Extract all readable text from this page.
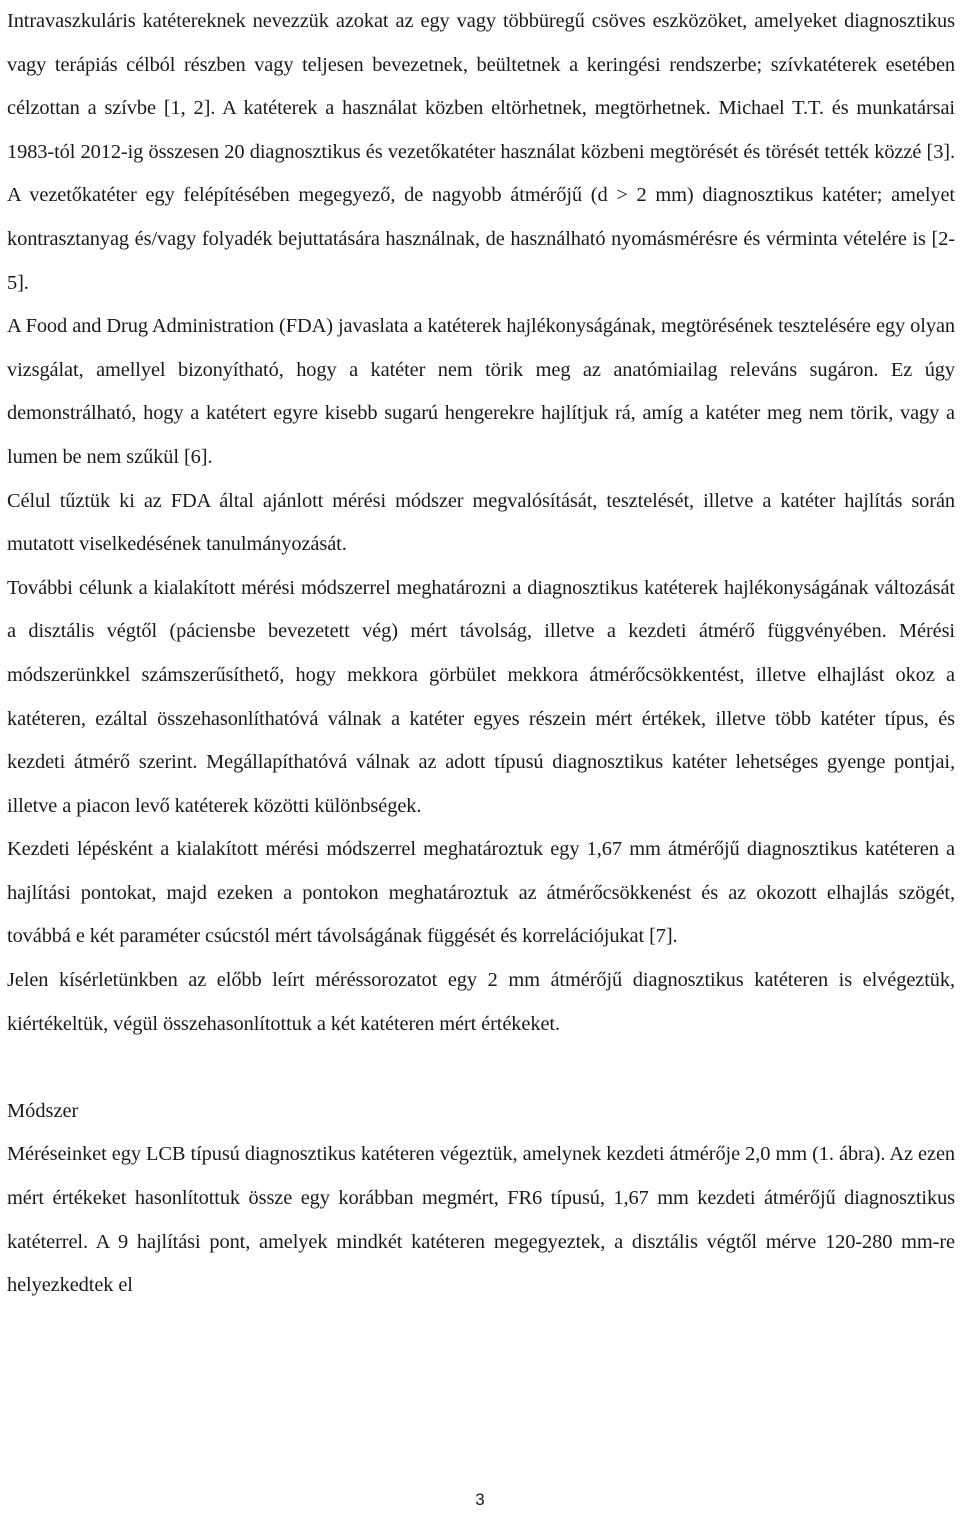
Intravaszkuláris katétereknek nevezzük azokat az egy vagy többüregű csöves eszközöket, amelyeket diagnosztikus vagy terápiás célból részben vagy teljesen bevezetnek, beültetnek a keringési rendszerbe; szívkatéterek esetében célzottan a szívbe [1, 2]. A katéterek a használat közben eltörhetnek, megtörhetnek. Michael T.T. és munkatársai 1983-tól 2012-ig összesen 20 diagnosztikus és vezetőkatéter használat közbeni megtörését és törését tették közzé [3]. A vezetőkatéter egy felépítésében megegyező, de nagyobb átmérőjű (d > 2 mm) diagnosztikus katéter; amelyet kontrasztanyag és/vagy folyadék bejuttatására használnak, de használható nyomásmérésre és vérminta vételére is [2-5].

A Food and Drug Administration (FDA) javaslata a katéterek hajlékonyságának, megtörésének tesztelésére egy olyan vizsgálat, amellyel bizonyítható, hogy a katéter nem törik meg az anatómiailag releváns sugáron. Ez úgy demonstrálható, hogy a katétert egyre kisebb sugarú hengerekre hajlítjuk rá, amíg a katéter meg nem törik, vagy a lumen be nem szűkül [6].

Célul tűztük ki az FDA által ajánlott mérési módszer megvalósítását, tesztelését, illetve a katéter hajlítás során mutatott viselkedésének tanulmányozását.

További célunk a kialakított mérési módszerrel meghatározni a diagnosztikus katéterek hajlékonyságának változását a disztális végtől (páciensbe bevezetett vég) mért távolság, illetve a kezdeti átmérő függvényében. Mérési módszerünkkel számszerűsíthető, hogy mekkora görbület mekkora átmérőcsökkentést, illetve elhajlást okoz a katéteren, ezáltal összehasonlíthatóvá válnak a katéter egyes részein mért értékek, illetve több katéter típus, és kezdeti átmérő szerint. Megállapíthatóvá válnak az adott típusú diagnosztikus katéter lehetséges gyenge pontjai, illetve a piacon levő katéterek közötti különbségek.

Kezdeti lépésként a kialakított mérési módszerrel meghatároztuk egy 1,67 mm átmérőjű diagnosztikus katéteren a hajlítási pontokat, majd ezeken a pontokon meghatároztuk az átmérőcsökkenést és az okozott elhajlás szögét, továbbá e két paraméter csúcstól mért távolságának függését és korrelációjukat [7].

Jelen kísérletünkben az előbb leírt méréssorozatot egy 2 mm átmérőjű diagnosztikus katéteren is elvégeztük, kiértékeltük, végül összehasonlítottuk a két katéteren mért értékeket.

Módszer

Méréseinket egy LCB típusú diagnosztikus katéteren végeztük, amelynek kezdeti átmérője 2,0 mm (1. ábra). Az ezen mért értékeket hasonlítottuk össze egy korábban megmért, FR6 típusú, 1,67 mm kezdeti átmérőjű diagnosztikus katéterrel. A 9 hajlítási pont, amelyek mindkét katéteren megegyeztek, a disztális végtől mérve 120-280 mm-re helyezkedtek el

3
